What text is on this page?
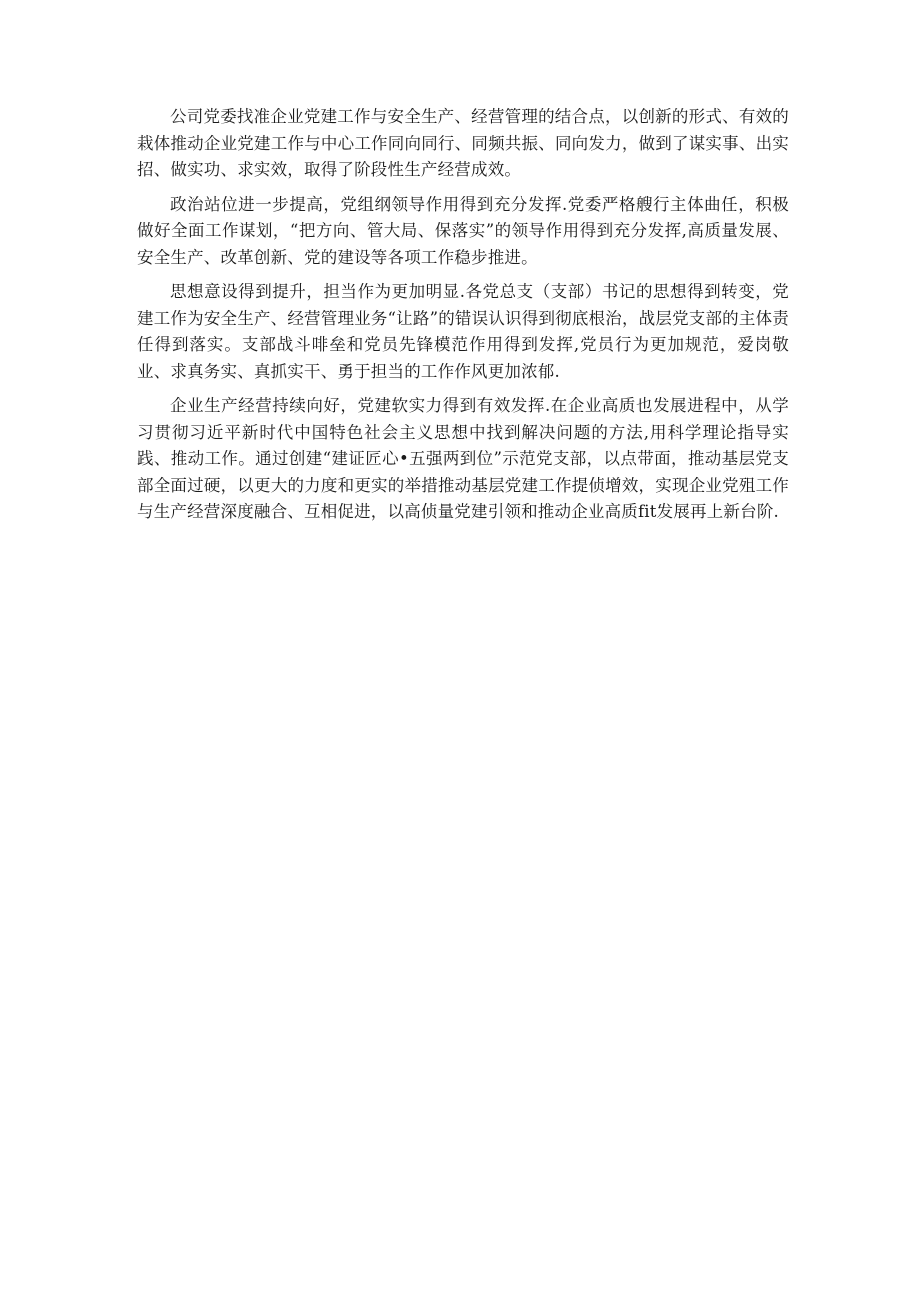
公司党委找准企业党建工作与安全生产、经营管理的结合点，以创新的形式、有效的栽体推动企业党建工作与中心工作同向同行、同频共振、同向发力，做到了谋实事、出实招、做实功、求实效，取得了阶段性生产经营成效。

政治站位进一步提高，党组纲领导作用得到充分发挥.党委严格艘行主体曲任，积极做好全面工作谋划，“把方向、管大局、保落实”的领导作用得到充分发挥,高质量发展、安全生产、改革创新、党的建设等各项工作稳步推进。

思想意设得到提升，担当作为更加明显.各党总支（支部）书记的思想得到转变，党建工作为安全生产、经营管理业务“让路”的错误认识得到彻底根治，战层党支部的主体责任得到落实。支部战斗啡垒和党员先锋模范作用得到发挥,党员行为更加规范，爱岗敬业、求真务实、真抓实干、勇于担当的工作作风更加浓郁.

企业生产经营持续向好，党建软实力得到有效发挥.在企业高质也发展进程中，从学习贯彻习近平新时代中国特色社会主义思想中找到解决问题的方法,用科学理论指导实践、推动工作。通过创建“建证匠心•五强两到位”示范党支部，以点带面，推动基层党支部全面过硬，以更大的力度和更实的举措推动基层党建工作提侦增效，实现企业党殂工作与生产经营深度融合、互相促进，以高侦量党建引领和推动企业高质fit发展再上新台阶.
